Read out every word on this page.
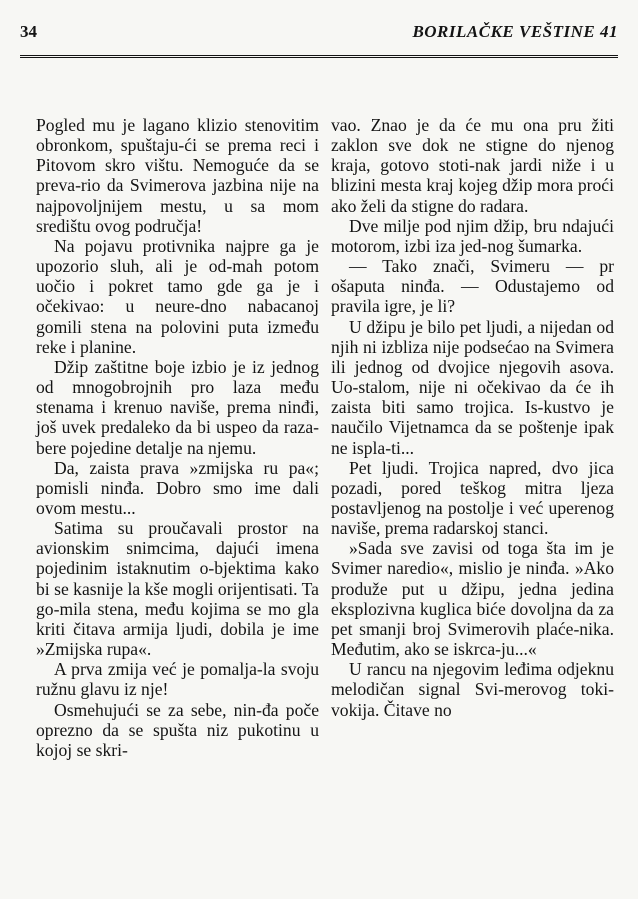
34	BORILAČKE VEŠTINE 41

Pogled mu je lagano klizio stenovitim obronkom, spuštaju-ći se prema reci i Pitovom skro vištu. Nemoguće da se preva-rio da Svimerova jazbina nije na najpovoljnijem mestu, u sa mom središtu ovog područja!

Na pojavu protivnika najpre ga je upozorio sluh, ali je od-mah potom uočio i pokret tamo gde ga je i očekivao: u neure-dno nabacanoj gomili stena na polovini puta između reke i planine.

Džip zaštitne boje izbio je iz jednog od mnogobrojnih pro laza među stenama i krenuo naviše, prema ninđi, još uvek predaleko da bi uspeo da raza-bere pojedine detalje na njemu.

Da, zaista prava »zmijska ru pa«; pomisli ninđa. Dobro smo ime dali ovom mestu...

Satima su proučavali prostor na avionskim snimcima, dajući imena pojedinim istaknutim o-bjektima kako bi se kasnije la kše mogli orijentisati. Ta go-mila stena, među kojima se mo gla kriti čitava armija ljudi, dobila je ime »Zmijska rupa«.

A prva zmija već je pomalja-la svoju ružnu glavu iz nje!

Osmehujući se za sebe, nin-đa poče oprezno da se spušta niz pukotinu u kojoj se skri-

vao. Znao je da će mu ona pru žiti zaklon sve dok ne stigne do njenog kraja, gotovo stoti-nak jardi niže i u blizini mesta kraj kojeg džip mora proći ako želi da stigne do radara.

Dve milje pod njim džip, bru ndajući motorom, izbi iza jed-nog šumarka.

— Tako znači, Svimeru — pr ošaputa ninđa. — Odustajemo od pravila igre, je li?

U džipu je bilo pet ljudi, a nijedan od njih ni izbliza nije podsećao na Svimera ili jednog od dvojice njegovih asova. Uo-stalom, nije ni očekivao da će ih zaista biti samo trojica. Is-kustvo je naučilo Vijetnamca da se poštenje ipak ne ispla-ti...

Pet ljudi. Trojica napred, dvo jica pozadi, pored teškog mitra ljeza postavljenog na postolje i već uperenog naviše, prema radarskoj stanci.

»Sada sve zavisi od toga šta im je Svimer naredio«, mislio je ninđa. »Ako produže put u džipu, jedna jedina eksplozivna kuglica biće dovoljna da za pet smanji broj Svimerovih plaće-nika. Međutim, ako se iskrca-ju...«

U rancu na njegovim leđima odjeknu melodičan signal Svi-merovog toki-vokija. Čitave no
